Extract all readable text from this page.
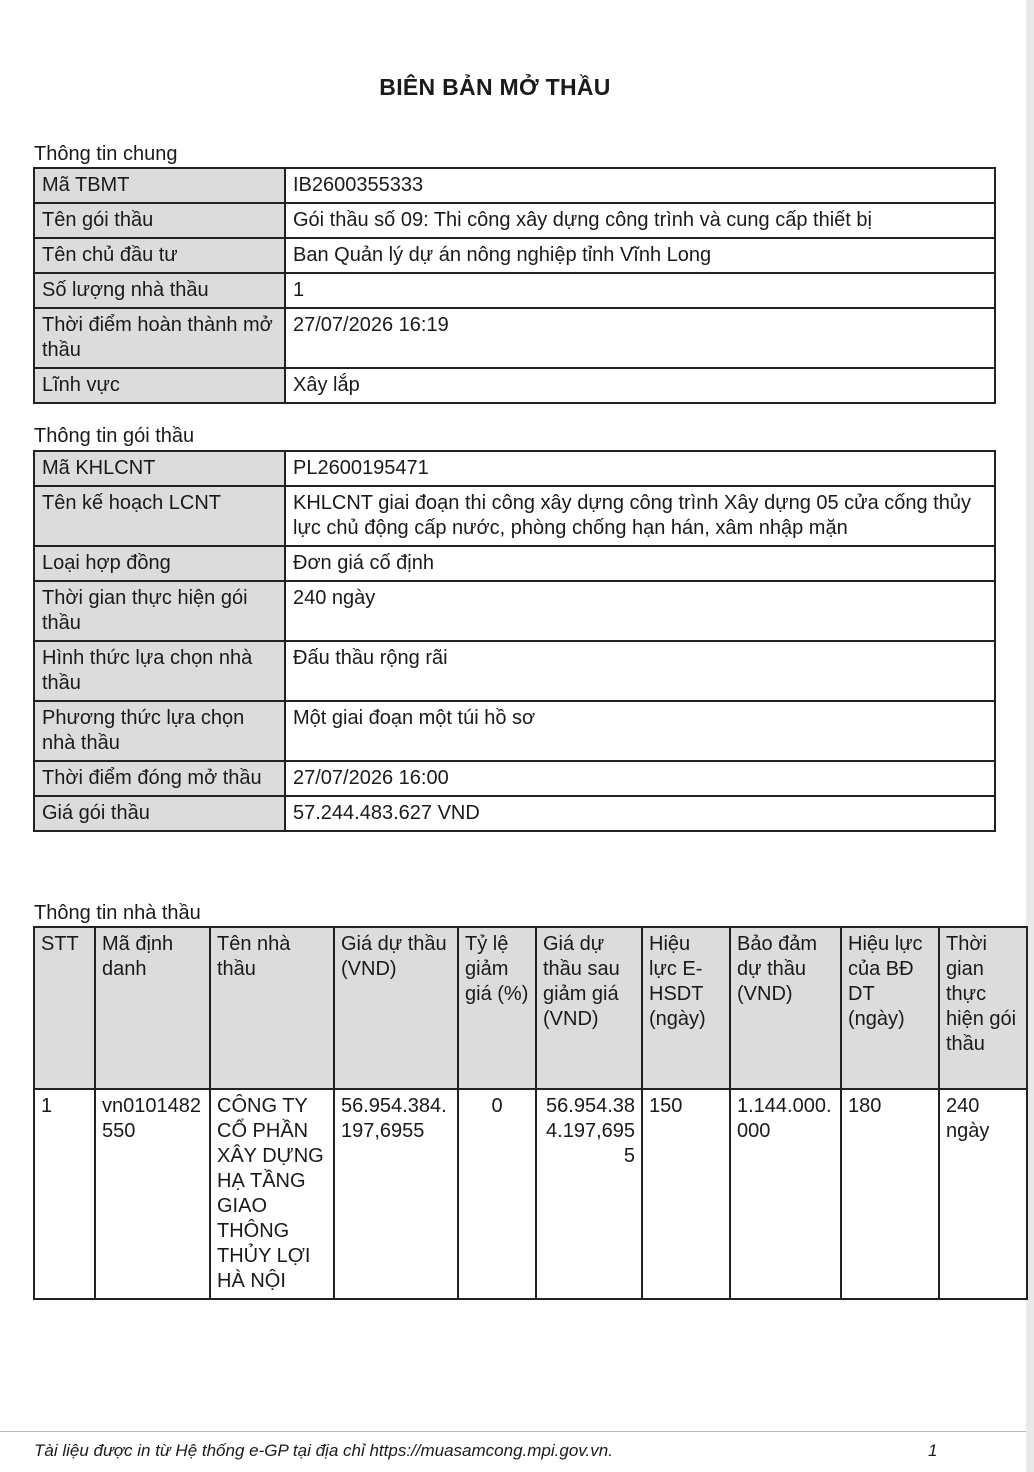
BIÊN BẢN MỞ THẦU
Thông tin chung
Mã TBMT	IB2600355333
Tên gói thầu	Gói thầu số 09: Thi công xây dựng công trình và cung cấp thiết bị
Tên chủ đầu tư	Ban Quản lý dự án nông nghiệp tỉnh Vĩnh Long
Số lượng nhà thầu	1
Thời điểm hoàn thành mở thầu	27/07/2026 16:19
Lĩnh vực	Xây lắp
Thông tin gói thầu
Mã KHLCNT	PL2600195471
Tên kế hoạch LCNT	KHLCNT giai đoạn thi công xây dựng công trình Xây dựng 05 cửa cống thủy lực chủ động cấp nước, phòng chống hạn hán, xâm nhập mặn
Loại hợp đồng	Đơn giá cố định
Thời gian thực hiện gói thầu	240 ngày
Hình thức lựa chọn nhà thầu	Đấu thầu rộng rãi
Phương thức lựa chọn nhà thầu	Một giai đoạn một túi hồ sơ
Thời điểm đóng mở thầu	27/07/2026 16:00
Giá gói thầu	57.244.483.627 VND
Thông tin nhà thầu
STT	Mã định danh	Tên nhà thầu	Giá dự thầu (VND)	Tỷ lệ giảm giá (%)	Giá dự thầu sau giảm giá (VND)	Hiệu lực E-HSDT (ngày)	Bảo đảm dự thầu (VND)	Hiệu lực của BĐ DT (ngày)	Thời gian thực hiện gói thầu
1	vn0101482550	CÔNG TY CỔ PHẦN XÂY DỰNG HẠ TẦNG GIAO THÔNG THỦY LỢI HÀ NỘI	56.954.384.197,6955	0	56.954.384.197,6955	150	1.144.000.000	180	240 ngày
Tài liệu được in từ Hệ thống e-GP tại địa chỉ https://muasamcong.mpi.gov.vn.	1
